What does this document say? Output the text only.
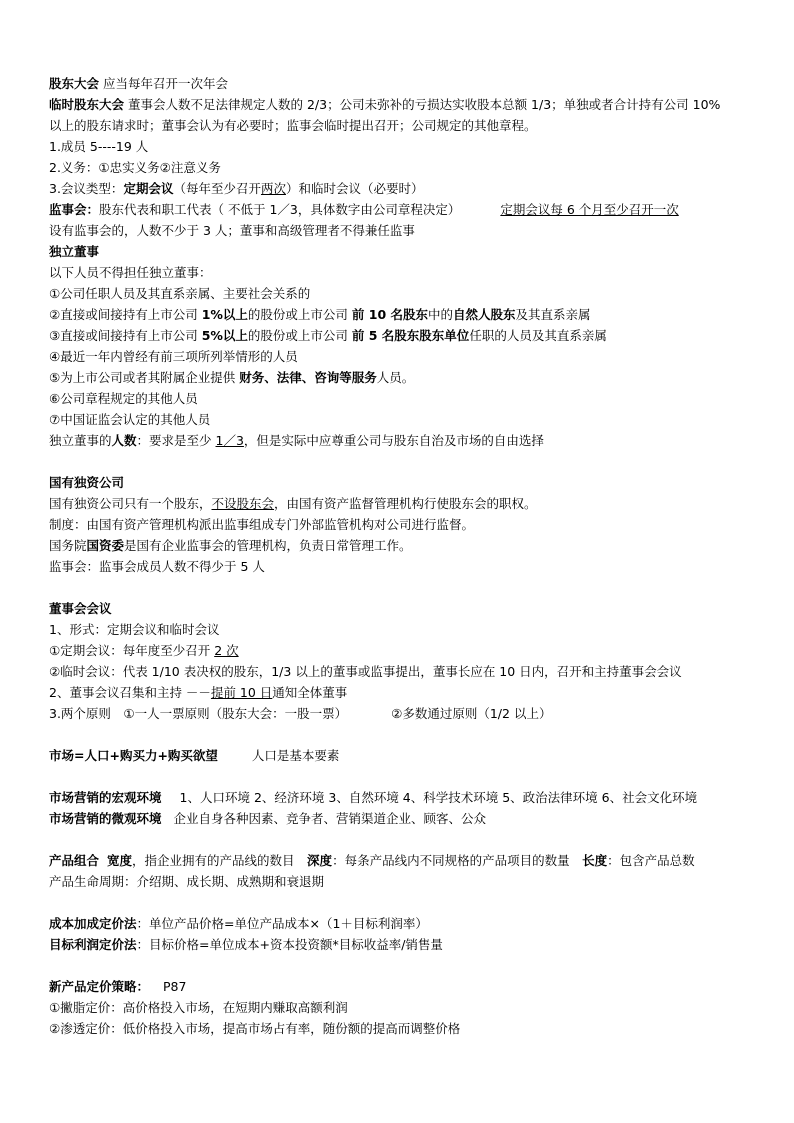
股东大会 应当每年召开一次年会
临时股东大会 董事会人数不足法律规定人数的 2/3；公司未弥补的亏损达实收股本总额 1/3；单独或者合计持有公司 10%
以上的股东请求时；董事会认为有必要时；监事会临时提出召开；公司规定的其他章程。
1.成员 5----19 人
2.义务：①忠实义务②注意义务
3.会议类型：定期会议（每年至少召开两次）和临时会议（必要时）
监事会：股东代表和职工代表（ 不低于 1／3，具体数字由公司章程决定）	定期会议每 6 个月至少召开一次
设有监事会的，人数不少于 3 人；董事和高级管理者不得兼任监事
独立董事
以下人员不得担任独立董事：
①公司任职人员及其直系亲属、主要社会关系的
②直接或间接持有上市公司 1%以上的股份或上市公司 前 10 名股东中的自然人股东及其直系亲属
③直接或间接持有上市公司 5%以上的股份或上市公司 前 5 名股东股东单位任职的人员及其直系亲属
④最近一年内曾经有前三项所列举情形的人员
⑤为上市公司或者其附属企业提供 财务、法律、咨询等服务人员。
⑥公司章程规定的其他人员
⑦中国证监会认定的其他人员
独立董事的人数：要求是至少 1／3，但是实际中应尊重公司与股东自治及市场的自由选择
国有独资公司
国有独资公司只有一个股东，不设股东会，由国有资产监督管理机构行使股东会的职权。
制度：由国有资产管理机构派出监事组成专门外部监管机构对公司进行监督。
国务院国资委是国有企业监事会的管理机构，负责日常管理工作。
监事会：监事会成员人数不得少于 5 人
董事会会议
1、形式：定期会议和临时会议
①定期会议：每年度至少召开 2 次
②临时会议：代表 1/10 表决权的股东，1/3 以上的董事或监事提出，董事长应在 10 日内，召开和主持董事会会议
2、董事会议召集和主持 －－提前 10 日通知全体董事
3.两个原则　①一人一票原则（股东大会：一股一票）	②多数通过原则（1/2 以上）
市场=人口+购买力+购买欲望	人口是基本要素
市场营销的宏观环境 1、人口环境 2、经济环境 3、自然环境 4、科学技术环境 5、政治法律环境 6、社会文化环境
市场营销的微观环境 企业自身各种因素、竞争者、营销渠道企业、顾客、公众
产品组合 宽度，指企业拥有的产品线的数目　深度：每条产品线内不同规格的产品项目的数量　长度：包含产品总数
产品生命周期：介绍期、成长期、成熟期和衰退期
成本加成定价法：单位产品价格=单位产品成本×（1＋目标利润率）
目标利润定价法：目标价格=单位成本+资本投资额*目标收益率/销售量
新产品定价策略： P87
①撇脂定价：高价格投入市场，在短期内赚取高额利润
②渗透定价：低价格投入市场，提高市场占有率，随份额的提高而调整价格
